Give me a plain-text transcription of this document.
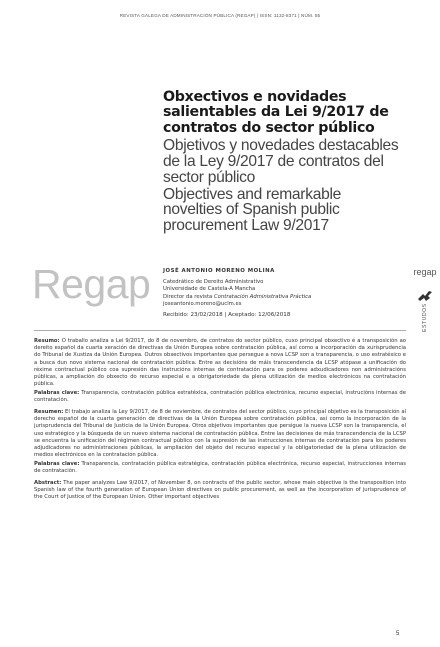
REVISTA GALEGA DE ADMINISTRACIÓN PÚBLICA (REGAP) | ISSN: 1132-8371 | NÚM. 55
Obxectivos e novidades salientables da Lei 9/2017 de contratos do sector público
Objetivos y novedades destacables de la Ley 9/2017 de contratos del sector público
Objectives and remarkable novelties of Spanish public procurement Law 9/2017
Regap JOSÉ ANTONIO MORENO MOLINA
Catedrático de Dereito Administrativo
Universidade de Castela-A Mancha
Director da revista Contratación Administrativa Práctica
joseantonio.moreno@uclm.es
Recibido: 23/02/2018 | Aceptado: 12/06/2018
regap
ESTUDOS

Resumo: O traballo analiza a Lei 9/2017, do 8 de novembro, de contratos do sector público, cuxo principal obxectivo é a transposición ao dereito español da cuarta xeración de directivas da Unión Europea sobre contratación pública, así como a incorporación da xurisprudencia do Tribunal de Xustiza da Unión Europea. Outros obxectivos importantes que persegue a nova LCSP son a transparencia, o uso estratéxico e a busca dun novo sistema nacional de contratación pública. Entre as decisións de máis transcendencia da LCSP atópase a unificación do réxime contractual público coa supresión das instrucións internas de contratación para os poderes adxudicadores non administracións públicas, a ampliación do obxecto do recurso especial e a obrigatoriedade da plena utilización de medios electrónicos na contratación pública.

Palabras clave: Transparencia, contratación pública estratéxica, contratación pública electrónica, recurso especial, instrucións internas de contratación.

Resumen: El trabajo analiza la Ley 9/2017, de 8 de noviembre, de contratos del sector público, cuyo principal objetivo es la transposición al derecho español de la cuarta generación de directivas de la Unión Europea sobre contratación pública, así como la incorporación de la jurisprudencia del Tribunal de Justicia de la Unión Europea. Otros objetivos importantes que persigue la nueva LCSP son la transparencia, el uso estratégico y la búsqueda de un nuevo sistema nacional de contratación pública. Entre las decisiones de más transcendencia de la LCSP se encuentra la unificación del régimen contractual público con la supresión de las instrucciones internas de contratación para los poderes adjudicadores no administraciones públicas, la ampliación del objeto del recurso especial y la obligatoriedad de la plena utilización de medios electrónicos en la contratación pública.

Palabras clave: Transparencia, contratación pública estratégica, contratación pública electrónica, recurso especial, instrucciones internas de contratación.

Abstract: The paper analyzes Law 9/2017, of November 8, on contracts of the public sector, whose main objective is the transposition into Spanish law of the fourth generation of European Union directives on public procurement, as well as the incorporation of jurisprudence of the Court of Justice of the European Union. Other important objectives

5
